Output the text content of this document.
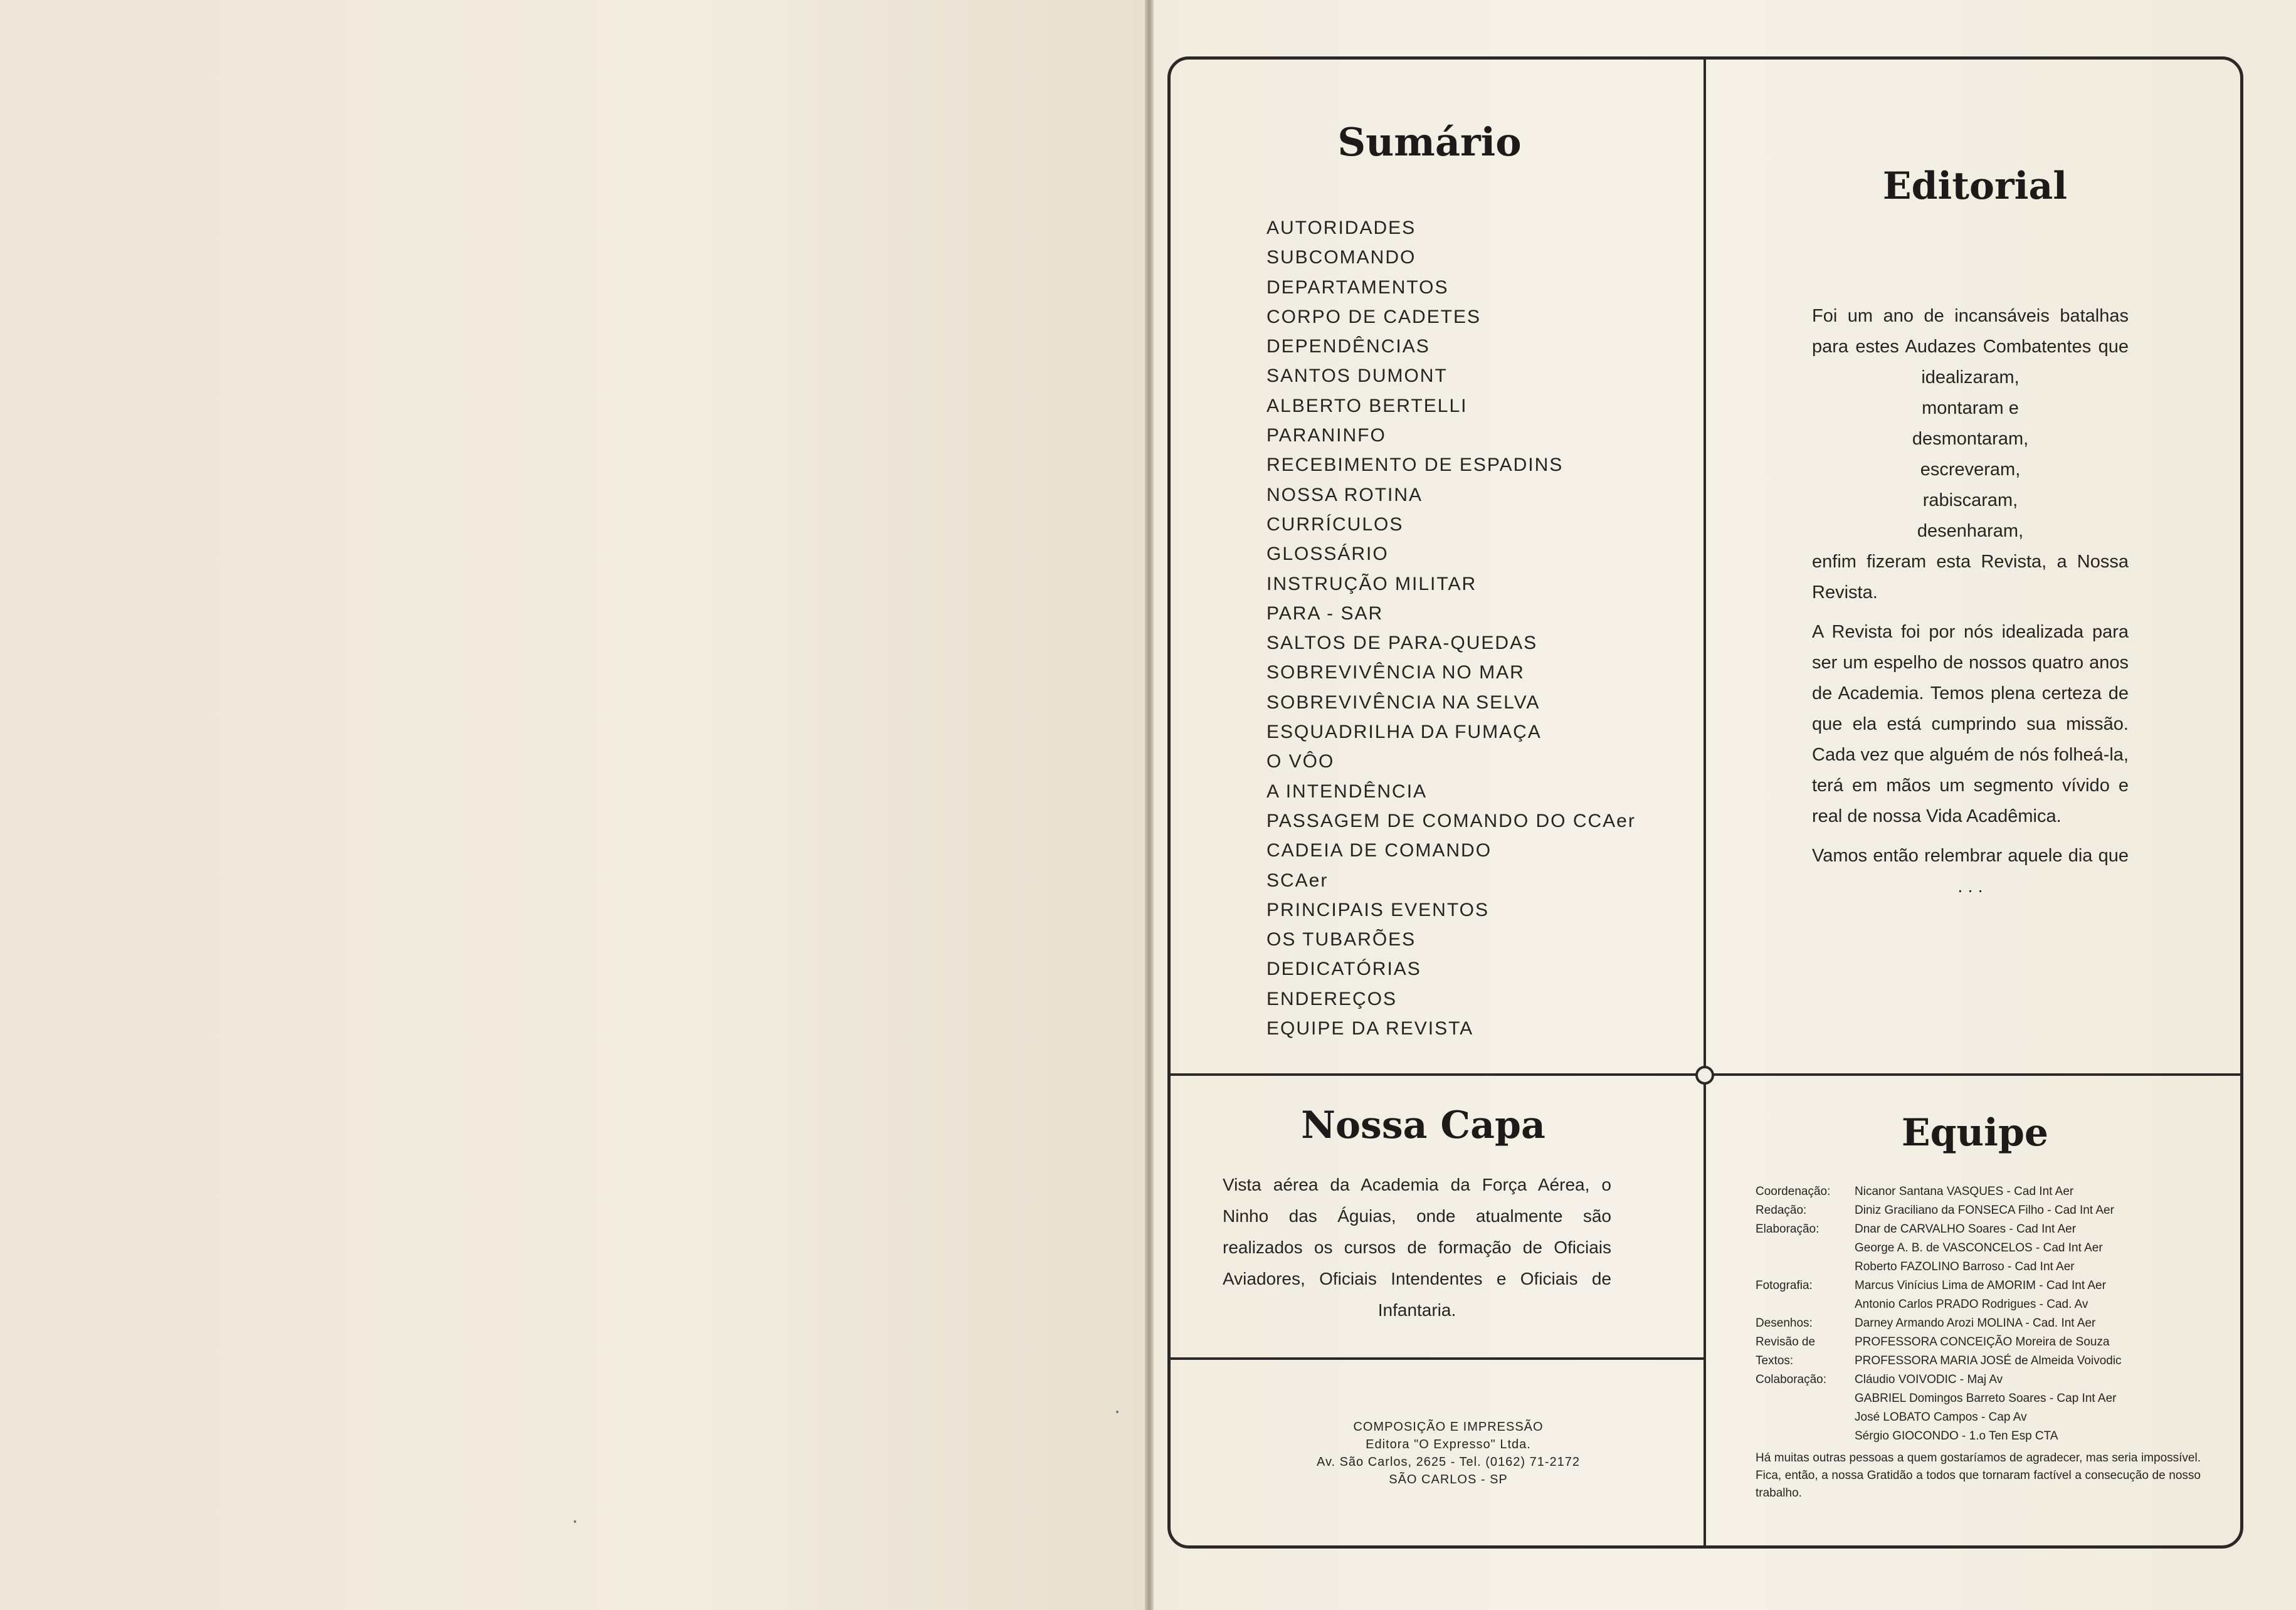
Sumário
AUTORIDADES
SUBCOMANDO
DEPARTAMENTOS
CORPO DE CADETES
DEPENDÊNCIAS
SANTOS DUMONT
ALBERTO BERTELLI
PARANINFO
RECEBIMENTO DE ESPADINS
NOSSA ROTINA
CURRÍCULOS
GLOSSÁRIO
INSTRUÇÃO MILITAR
PARA - SAR
SALTOS DE PARA-QUEDAS
SOBREVIVÊNCIA NO MAR
SOBREVIVÊNCIA NA SELVA
ESQUADRILHA DA FUMAÇA
O VÔO
A INTENDÊNCIA
PASSAGEM DE COMANDO DO CCAer
CADEIA DE COMANDO
SCAer
PRINCIPAIS EVENTOS
OS TUBARÕES
DEDICATÓRIAS
ENDEREÇOS
EQUIPE DA REVISTA
Editorial

Foi um ano de incansáveis batalhas para estes Audazes Combatentes que

idealizaram,

montaram e

desmontaram,

escreveram,

rabiscaram,

desenharam,

enfim fizeram esta Revista, a Nossa Revista.

A Revista foi por nós idealizada para ser um espelho de nossos quatro anos de Academia. Temos plena certeza de que ela está cumprindo sua missão. Cada vez que alguém de nós folheá-la, terá em mãos um segmento vívido e real de nossa Vida Acadêmica.

Vamos então relembrar aquele dia que . . .

Nossa Capa
Vista aérea da Academia da Força Aérea, o Ninho das Águias, onde atualmente são realizados os cursos de formação de Oficiais Aviadores, Oficiais Intendentes e Oficiais de Infantaria.
COMPOSIÇÃO E IMPRESSÃO
Editora "O Expresso" Ltda.
Av. São Carlos, 2625 - Tel. (0162) 71-2172
SÃO CARLOS - SP
Equipe
Coordenação:	Nicanor Santana VASQUES - Cad Int Aer
Redação:	Diniz Graciliano da FONSECA Filho - Cad Int Aer
Elaboração:	Dnar de CARVALHO Soares - Cad Int Aer
George A. B. de VASCONCELOS - Cad Int Aer
Roberto FAZOLINO Barroso - Cad Int Aer
Fotografia:	Marcus Vinícius Lima de AMORIM - Cad Int Aer
Antonio Carlos PRADO Rodrigues - Cad. Av
Desenhos:	Darney Armando Arozi MOLINA - Cad. Int Aer
Revisão de	PROFESSORA CONCEIÇÃO Moreira de Souza
Textos:	PROFESSORA MARIA JOSÉ de Almeida Voivodic
Colaboração:	Cláudio VOIVODIC - Maj Av
GABRIEL Domingos Barreto Soares - Cap Int Aer
José LOBATO Campos - Cap Av
Sérgio GIOCONDO - 1.o Ten Esp CTA
Há muitas outras pessoas a quem gostaríamos de agradecer, mas seria impossível. Fica, então, a nossa Gratidão a todos que tornaram factível a consecução de nosso trabalho.
